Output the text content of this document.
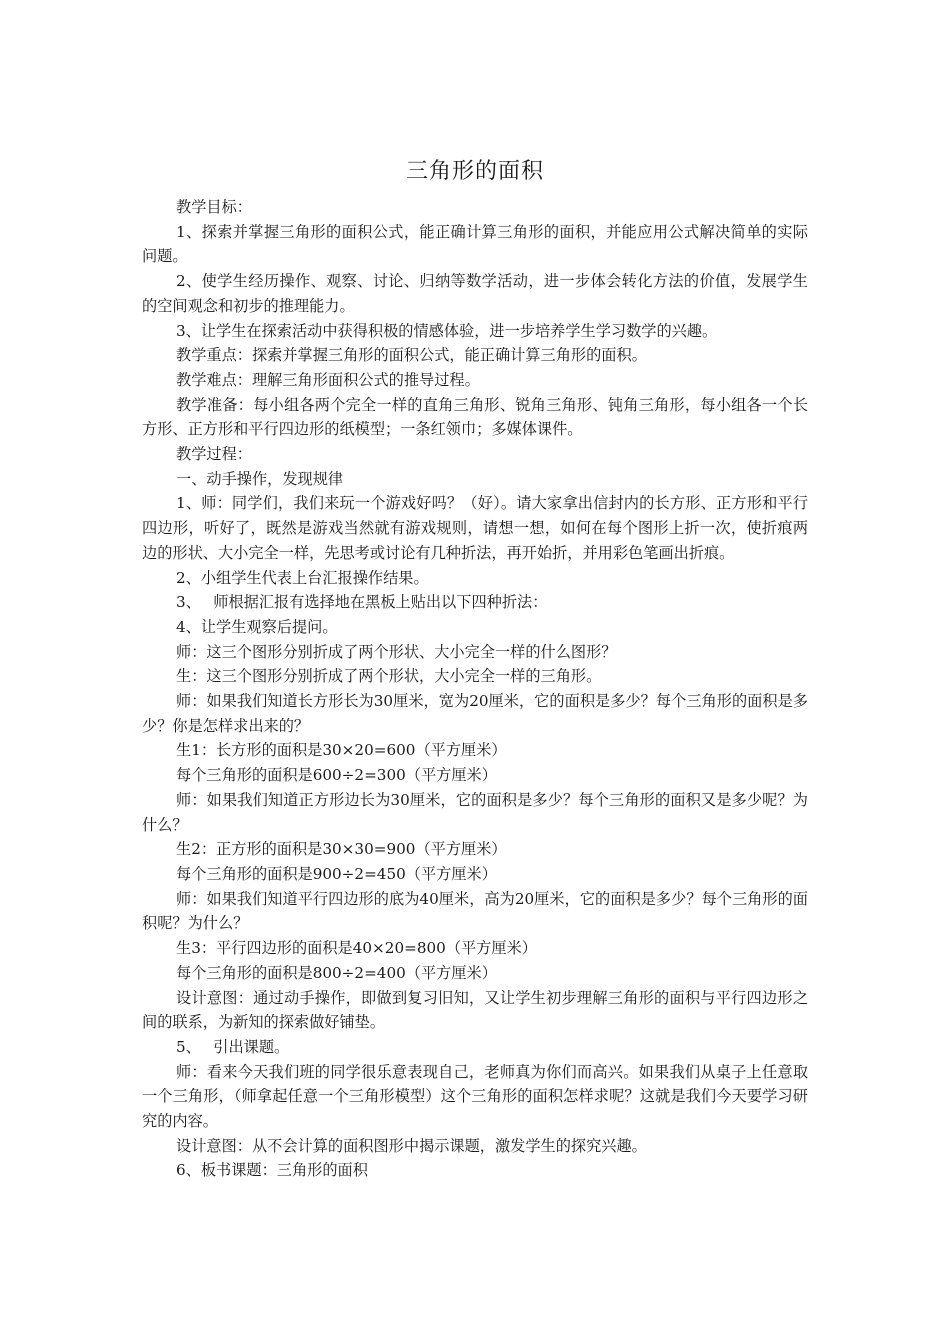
三角形的面积

教学目标：

1、探索并掌握三角形的面积公式，能正确计算三角形的面积，并能应用公式解决简单的实际问题。

2、使学生经历操作、观察、讨论、归纳等数学活动，进一步体会转化方法的价值，发展学生的空间观念和初步的推理能力。

3、让学生在探索活动中获得积极的情感体验，进一步培养学生学习数学的兴趣。

教学重点：探索并掌握三角形的面积公式，能正确计算三角形的面积。

教学难点：理解三角形面积公式的推导过程。

教学准备：每小组各两个完全一样的直角三角形、锐角三角形、钝角三角形，每小组各一个长方形、正方形和平行四边形的纸模型；一条红领巾；多媒体课件。

教学过程：

一、动手操作，发现规律

1、师：同学们，我们来玩一个游戏好吗？（好）。请大家拿出信封内的长方形、正方形和平行四边形，听好了，既然是游戏当然就有游戏规则，请想一想，如何在每个图形上折一次，使折痕两边的形状、大小完全一样，先思考或讨论有几种折法，再开始折，并用彩色笔画出折痕。

2、小组学生代表上台汇报操作结果。

3、　 师根据汇报有选择地在黑板上贴出以下四种折法：

4、让学生观察后提问。

师：这三个图形分别折成了两个形状、大小完全一样的什么图形？

生：这三个图形分别折成了两个形状，大小完全一样的三角形。

师：如果我们知道长方形长为30厘米，宽为20厘米，它的面积是多少？每个三角形的面积是多少？你是怎样求出来的？

生1：长方形的面积是30×20=600（平方厘米）

每个三角形的面积是600÷2=300（平方厘米）

师：如果我们知道正方形边长为30厘米，它的面积是多少？每个三角形的面积又是多少呢？为什么？

生2：正方形的面积是30×30=900（平方厘米）

每个三角形的面积是900÷2=450（平方厘米）

师：如果我们知道平行四边形的底为40厘米，高为20厘米，它的面积是多少？每个三角形的面积呢？为什么？

生3：平行四边形的面积是40×20=800（平方厘米）

每个三角形的面积是800÷2=400（平方厘米）

设计意图：通过动手操作，即做到复习旧知，又让学生初步理解三角形的面积与平行四边形之间的联系，为新知的探索做好铺垫。

5、　 引出课题。

师：看来今天我们班的同学很乐意表现自己，老师真为你们而高兴。如果我们从桌子上任意取一个三角形，（师拿起任意一个三角形模型）这个三角形的面积怎样求呢？这就是我们今天要学习研究的内容。

设计意图：从不会计算的面积图形中揭示课题，激发学生的探究兴趣。

6、板书课题：三角形的面积
